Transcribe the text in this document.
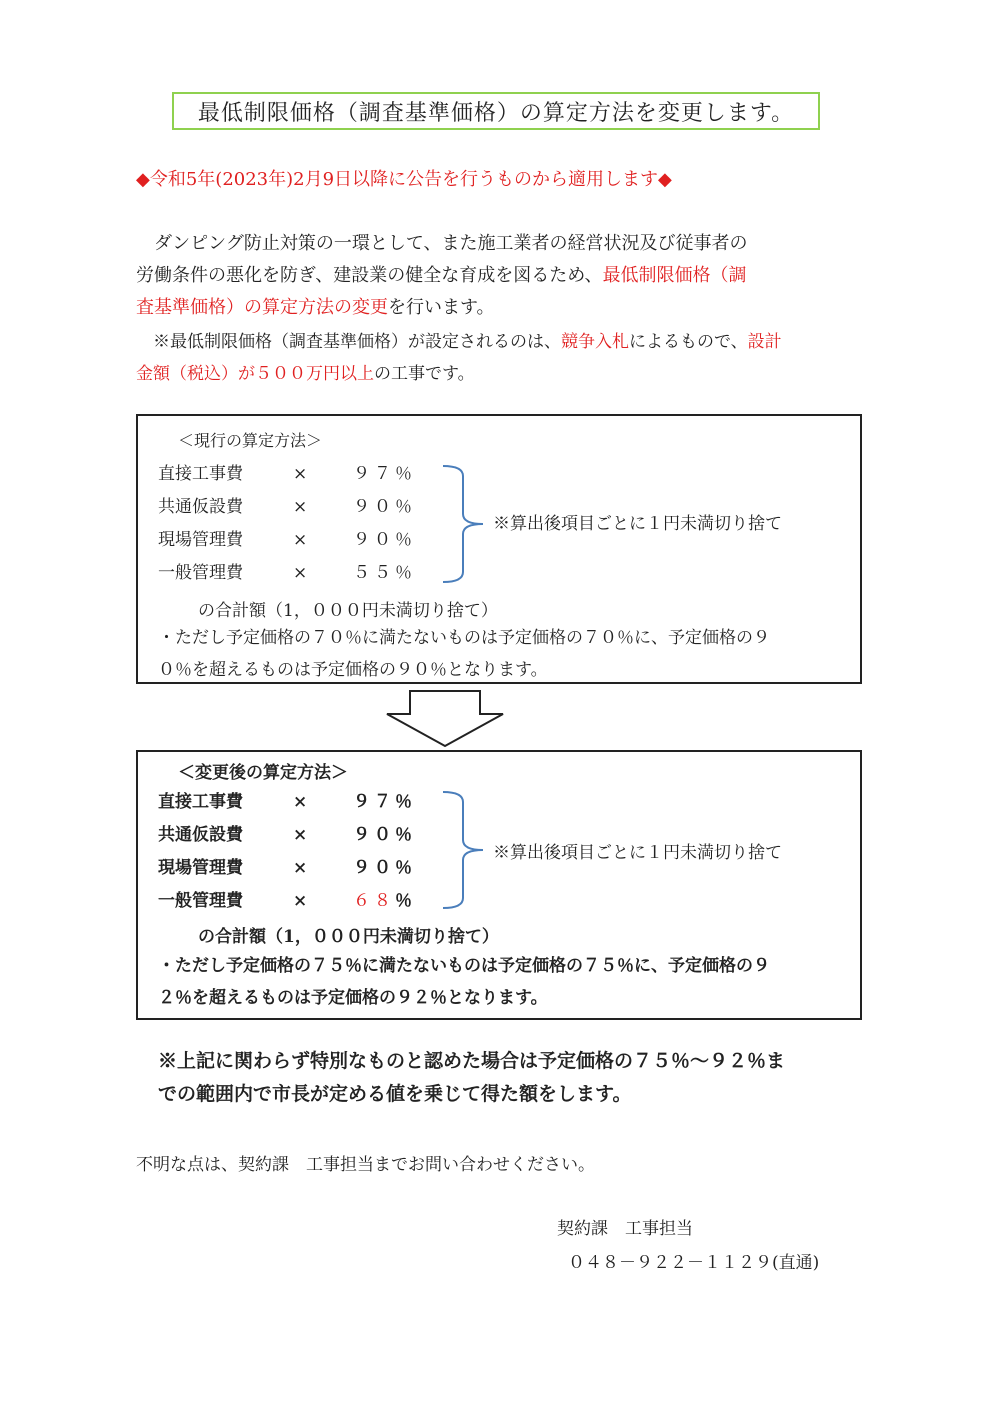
最低制限価格（調査基準価格）の算定方法を変更します。
◆令和5年(2023年)2月9日以降に公告を行うものから適用します◆
　ダンピング防止対策の一環として、また施工業者の経営状況及び従事者の
労働条件の悪化を防ぎ、建設業の健全な育成を図るため、最低制限価格（調
査基準価格）の算定方法の変更を行います。
　※最低制限価格（調査基準価格）が設定されるのは、競争入札によるもので、設計
金額（税込）が５００万円以上の工事です。
＜現行の算定方法＞
直接工事費	×	９７％
共通仮設費	×	９０％
現場管理費	×	９０％
一般管理費	×	５５％
※算出後項目ごとに１円未満切り捨て
の合計額（1，０００円未満切り捨て）
・ただし予定価格の７０％に満たないものは予定価格の７０％に、予定価格の９
０％を超えるものは予定価格の９０％となります。
＜変更後の算定方法＞
直接工事費	×	９７％
共通仮設費	×	９０％
現場管理費	×	９０％
一般管理費	×	６８％
※算出後項目ごとに１円未満切り捨て
の合計額（1，０００円未満切り捨て）
・ただし予定価格の７５％に満たないものは予定価格の７５％に、予定価格の９
２％を超えるものは予定価格の９２％となります。
※上記に関わらず特別なものと認めた場合は予定価格の７５％～９２％ま
での範囲内で市長が定める値を乗じて得た額をします。
不明な点は、契約課　工事担当までお問い合わせください。
契約課　工事担当
０４８－９２２－１１２９(直通)
